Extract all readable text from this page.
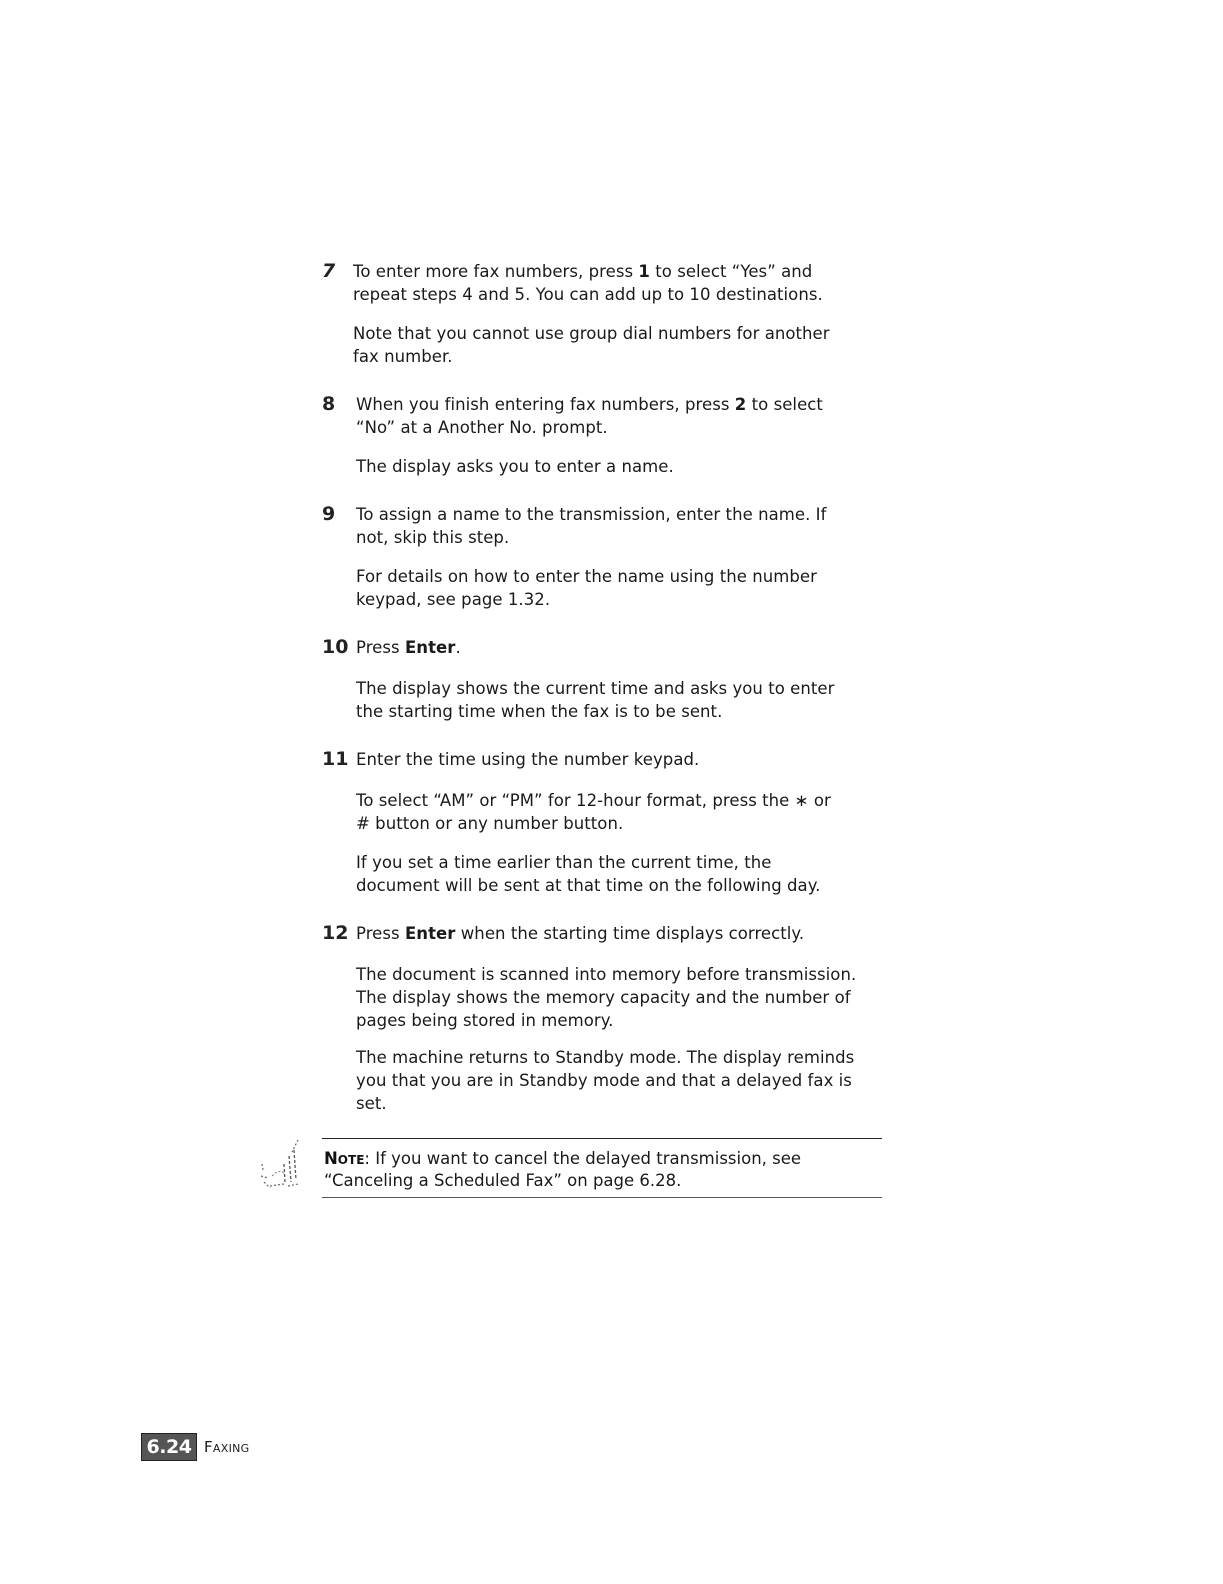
7 To enter more fax numbers, press 1 to select “Yes” and
repeat steps 4 and 5. You can add up to 10 destinations.
Note that you cannot use group dial numbers for another
fax number.
8 When you finish entering fax numbers, press 2 to select
“No” at a Another No. prompt.
The display asks you to enter a name.
9 To assign a name to the transmission, enter the name. If
not, skip this step.
For details on how to enter the name using the number
keypad, see page 1.32.
10 Press Enter.
The display shows the current time and asks you to enter
the starting time when the fax is to be sent.
11 Enter the time using the number keypad.
To select “AM” or “PM” for 12-hour format, press the ∗ or
# button or any number button.
If you set a time earlier than the current time, the
document will be sent at that time on the following day.
12 Press Enter when the starting time displays correctly.
The document is scanned into memory before transmission.
The display shows the memory capacity and the number of
pages being stored in memory.
The machine returns to Standby mode. The display reminds
you that you are in Standby mode and that a delayed fax is
set.
Note: If you want to cancel the delayed transmission, see
“Canceling a Scheduled Fax” on page 6.28.
6.24 Faxing
